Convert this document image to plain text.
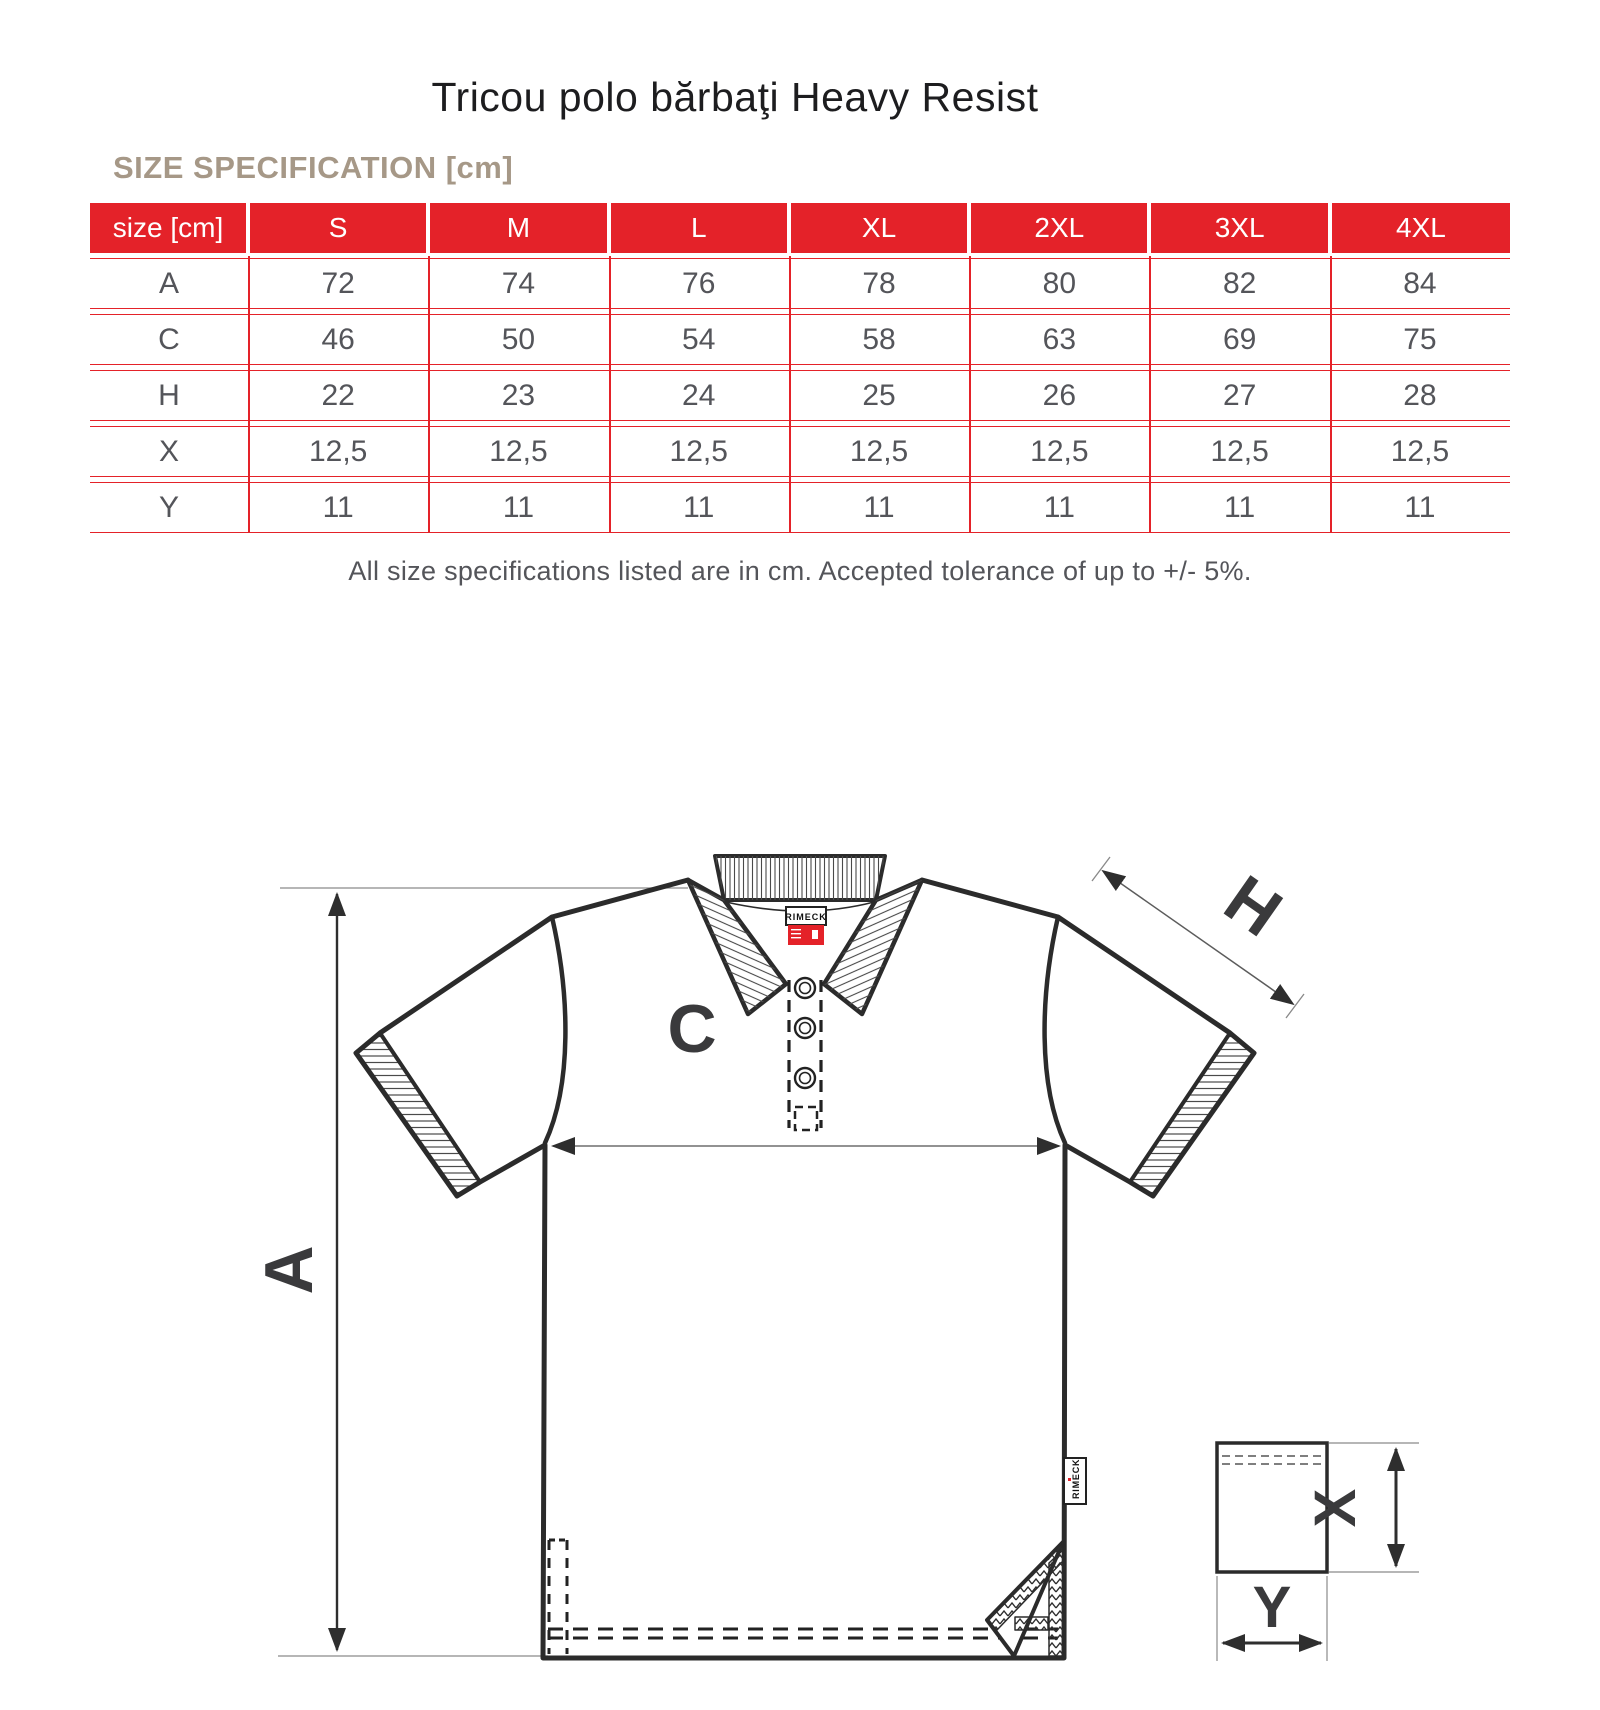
Tricou polo bărbaţi Heavy Resist
SIZE SPECIFICATION [cm]
size [cm]	S	M	L	XL	2XL	3XL	4XL
A	72	74	76	78	80	82	84
C	46	50	54	58	63	69	75
H	22	23	24	25	26	27	28
X	12,5	12,5	12,5	12,5	12,5	12,5	12,5
Y	11	11	11	11	11	11	11
All size specifications listed are in cm. Accepted tolerance of up to +/- 5%.
A
H
C
RIMECK
RIMECK
X
Y
